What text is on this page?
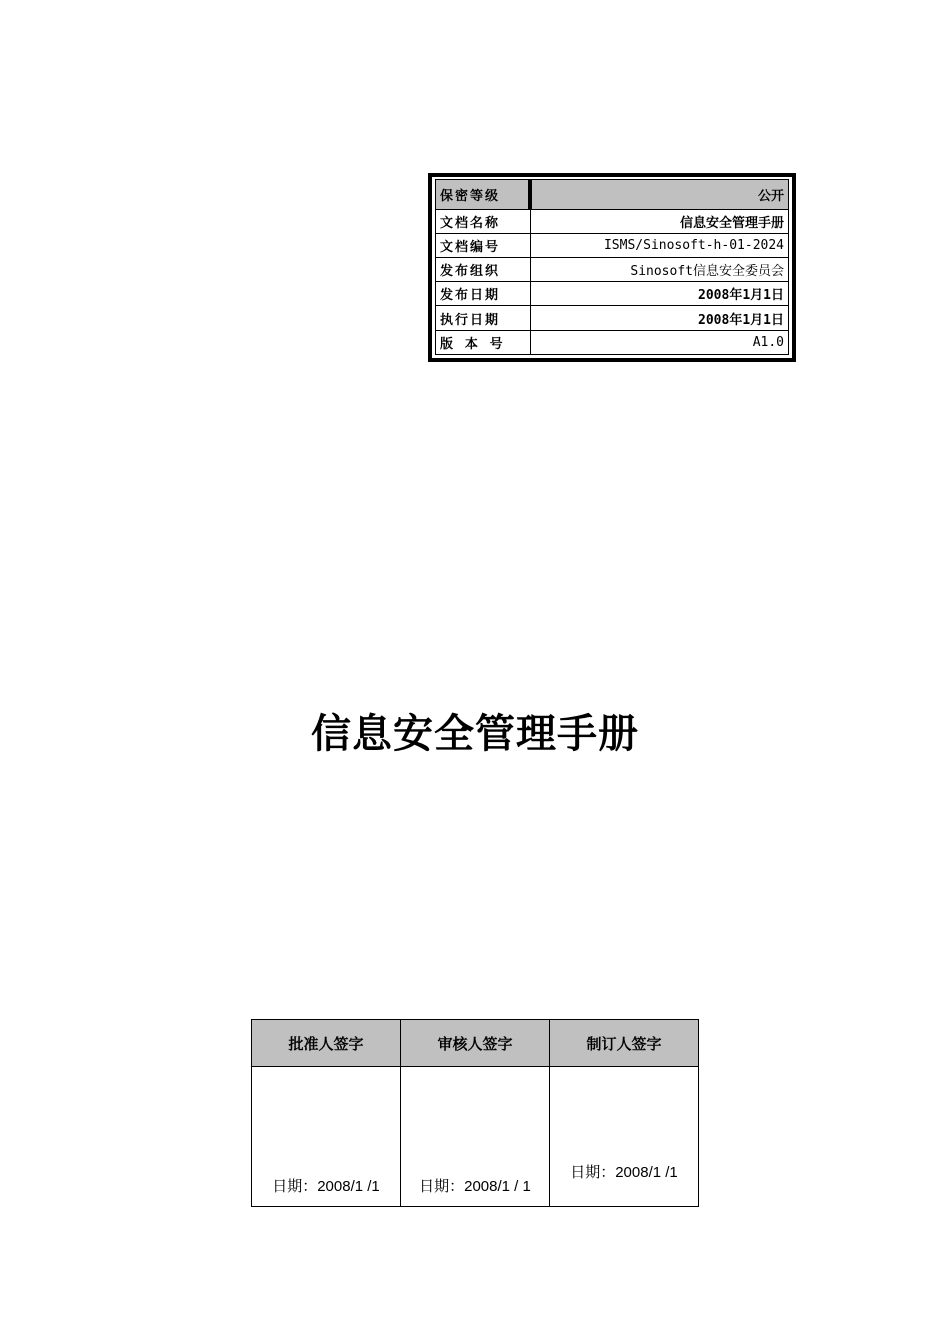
保密等级	公开
文档名称	信息安全管理手册
文档编号	ISMS/Sinosoft-h-01-2024
发布组织	Sinosoft信息安全委员会
发布日期	2008年1月1日
执行日期	2008年1月1日
版 本 号	A1.0
信息安全管理手册
批准人签字	审核人签字	制订人签字

日期：2008/1 /1	日期：2008/1 / 1	日期：2008/1 /1
